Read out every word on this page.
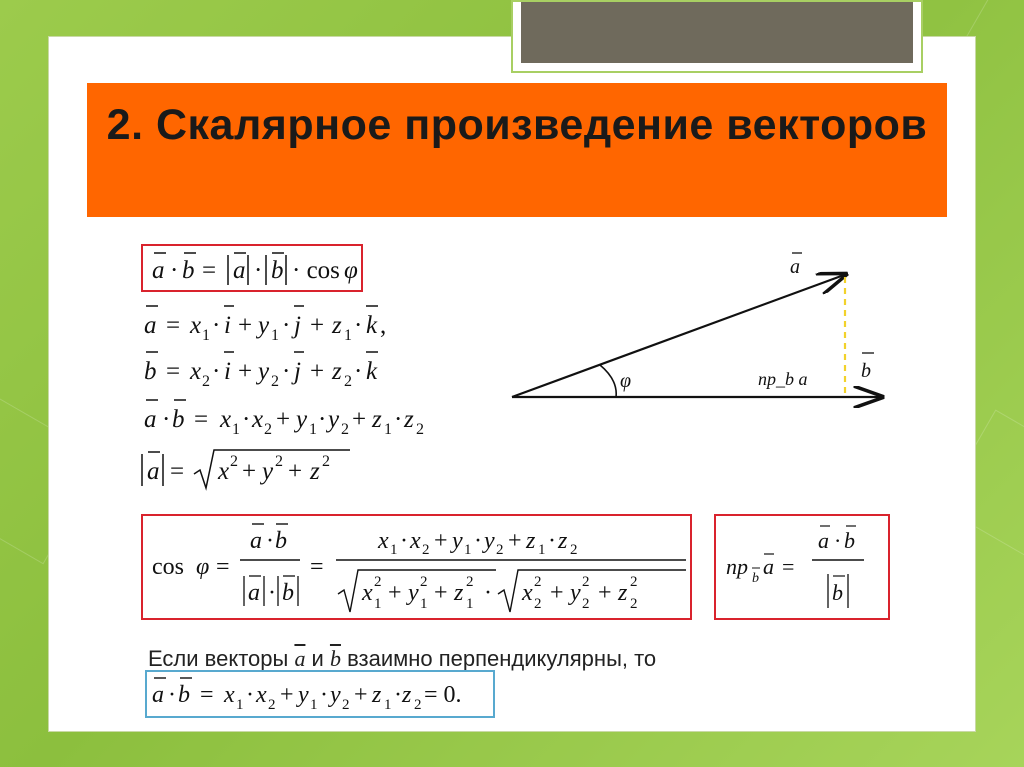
2. Скалярное произведение векторов
a · b = a · b · cos φ
a = x 1 · i + y 1 · j + z 1 · k ,
b = x 2 · i + y 2 · j + z 2 · k
a · b = x 1 · x 2 + y 1 · y 2 + z 1 · z 2
a = x 2 + y 2 + z 2
φ
a
b
пр_b a
cos φ =
a · b
a · b
=
x 1 · x 2 + y 1 · y 2 + z 1 · z 2
x 2
1 + y 2
1 + z 2
1 · x 2
2 + y 2
2 + z 2
2
пр b a =
a · b
b
Если векторы $\overline{a}$ и $\overline{b}$ взаимно перпендикулярны, то
a · b = x 1 · x 2 + y 1 · y 2 + z 1 · z 2 = 0.
